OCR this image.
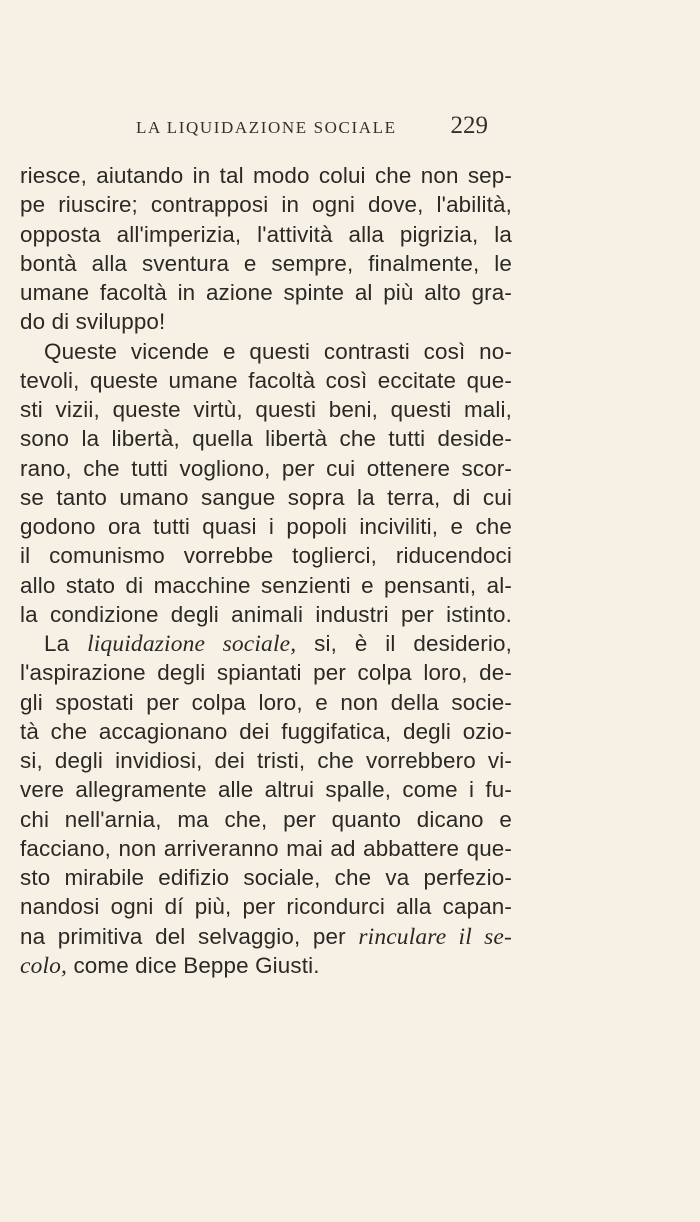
LA LIQUIDAZIONE SOCIALE 229
riesce, aiutando in tal modo colui che non sep-
pe riuscire; contrapposi in ogni dove, l'abilità,
opposta all'imperizia, l'attività alla pigrizia, la
bontà alla sventura e sempre, finalmente, le
umane facoltà in azione spinte al più alto gra-
do di sviluppo!
Queste vicende e questi contrasti così no-
tevoli, queste umane facoltà così eccitate que-
sti vizii, queste virtù, questi beni, questi mali,
sono la libertà, quella libertà che tutti deside-
rano, che tutti vogliono, per cui ottenere scor-
se tanto umano sangue sopra la terra, di cui
godono ora tutti quasi i popoli inciviliti, e che
il comunismo vorrebbe toglierci, riducendoci
allo stato di macchine senzienti e pensanti, al-
la condizione degli animali industri per istinto.
La liquidazione sociale, si, è il desiderio,
l'aspirazione degli spiantati per colpa loro, de-
gli spostati per colpa loro, e non della socie-
tà che accagionano dei fuggifatica, degli ozio-
si, degli invidiosi, dei tristi, che vorrebbero vi-
vere allegramente alle altrui spalle, come i fu-
chi nell'arnia, ma che, per quanto dicano e
facciano, non arriveranno mai ad abbattere que-
sto mirabile edifizio sociale, che va perfezio-
nandosi ogni dí più, per ricondurci alla capan-
na primitiva del selvaggio, per rinculare il se-
colo, come dice Beppe Giusti.
